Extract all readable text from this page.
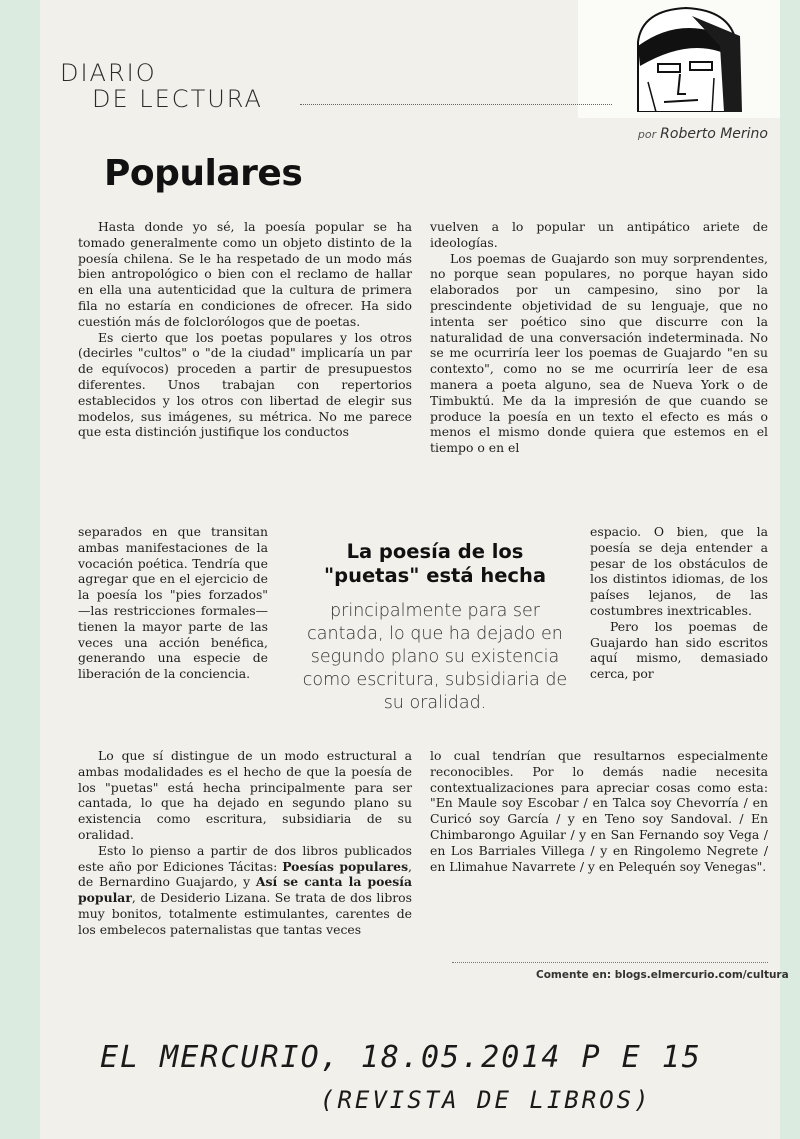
DIARIO
DE LECTURA
por Roberto Merino
Populares

Hasta donde yo sé, la poesía popular se ha tomado generalmente como un objeto distinto de la poesía chilena. Se le ha respetado de un modo más bien antropológico o bien con el reclamo de hallar en ella una autenticidad que la cultura de primera fila no estaría en condiciones de ofrecer. Ha sido cuestión más de folclorólogos que de poetas.

Es cierto que los poetas populares y los otros (decirles "cultos" o "de la ciudad" implicaría un par de equívocos) proceden a partir de presupuestos diferentes. Unos trabajan con repertorios establecidos y los otros con libertad de elegir sus modelos, sus imágenes, su métrica. No me parece que esta distinción justifique los conductos

separados en que transitan ambas manifestaciones de la vocación poética. Tendría que agregar que en el ejercicio de la poesía los "pies forzados" —las restricciones formales— tienen la mayor parte de las veces una acción benéfica, generando una especie de liberación de la conciencia.

Lo que sí distingue de un modo estructural a ambas modalidades es el hecho de que la poesía de los "puetas" está hecha principalmente para ser cantada, lo que ha dejado en segundo plano su existencia como escritura, subsidiaria de su oralidad.

Esto lo pienso a partir de dos libros publicados este año por Ediciones Tácitas: Poesías populares, de Bernardino Guajardo, y Así se canta la poesía popular, de Desiderio Lizana. Se trata de dos libros muy bonitos, totalmente estimulantes, carentes de los embelecos paternalistas que tantas veces

vuelven a lo popular un antipático ariete de ideologías.

Los poemas de Guajardo son muy sorprendentes, no porque sean populares, no porque hayan sido elaborados por un campesino, sino por la prescindente objetividad de su lenguaje, que no intenta ser poético sino que discurre con la naturalidad de una conversación indeterminada. No se me ocurriría leer los poemas de Guajardo "en su contexto", como no se me ocurriría leer de esa manera a poeta alguno, sea de Nueva York o de Timbuktú. Me da la impresión de que cuando se produce la poesía en un texto el efecto es más o menos el mismo donde quiera que estemos en el tiempo o en el

espacio. O bien, que la poesía se deja entender a pesar de los obstáculos de los distintos idiomas, de los países lejanos, de las costumbres inextricables.

Pero los poemas de Guajardo han sido escritos aquí mismo, demasiado cerca, por

lo cual tendrían que resultarnos especialmente reconocibles. Por lo demás nadie necesita contextualizaciones para apreciar cosas como esta: "En Maule soy Escobar / en Talca soy Chevorría / en Curicó soy García / y en Teno soy Sandoval. / En Chimbarongo Aguilar / y en San Fernando soy Vega / en Los Barriales Villega / y en Ringolemo Negrete / en Llimahue Navarrete / y en Pelequén soy Venegas".

La poesía de los "puetas" está hecha
principalmente para ser cantada, lo que ha dejado en segundo plano su existencia como escritura, subsidiaria de su oralidad.
Comente en: blogs.elmercurio.com/cultura
EL MERCURIO, 18.05.2014 P E 15
(REVISTA DE LIBROS)
